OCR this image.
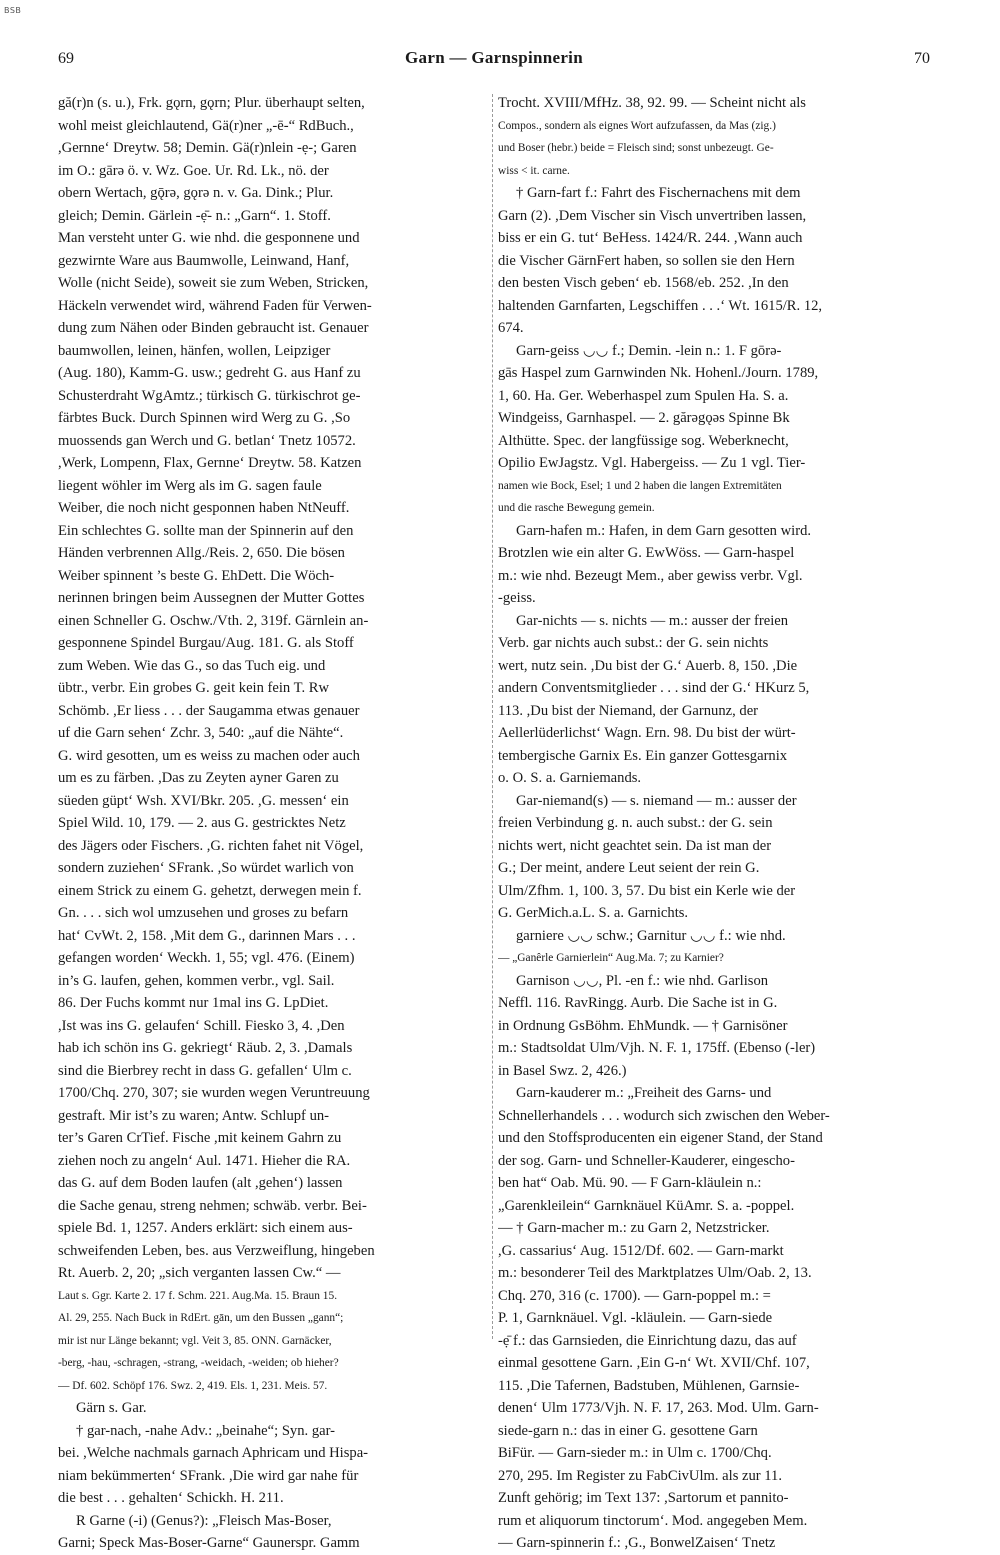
BSB
69	Garn — Garnspinnerin	70
gă(r)n (s. u.), Frk. gǫrn, gǫrn; Plur. überhaupt selten,
wohl meist gleichlautend, Gä(r)ner „-ē-“ RdBuch.,
,Gernne‘ Dreytw. 58; Demin. Gä(r)nlein -ẹ-; Garen
im O.: gārə ö. v. Wz. Goe. Ur. Rd. Lk., nö. der
obern Wertach, gǭrə, gǫrə n. v. Ga. Dink.; Plur.
gleich; Demin. Gärlein -ẹ̄- n.: „Garn“. 1. Stoff.
Man versteht unter G. wie nhd. die gesponnene und
gezwirnte Ware aus Baumwolle, Leinwand, Hanf,
Wolle (nicht Seide), soweit sie zum Weben, Stricken,
Häckeln verwendet wird, während Faden für Verwen-
dung zum Nähen oder Binden gebraucht ist. Genauer
baumwollen, leinen, hänfen, wollen, Leipziger
(Aug. 180), Kamm-G. usw.; gedreht G. aus Hanf zu
Schusterdraht WgAmtz.; türkisch G. türkischrot ge-
färbtes Buck. Durch Spinnen wird Werg zu G. ,So
muossends gan Werch und G. betlan‘ Tnetz 10572.
,Werk, Lompenn, Flax, Gernne‘ Dreytw. 58. Katzen
liegent wöhler im Werg als im G. sagen faule
Weiber, die noch nicht gesponnen haben NtNeuff.
Ein schlechtes G. sollte man der Spinnerin auf den
Händen verbrennen Allg./Reis. 2, 650. Die bösen
Weiber spinnent ’s beste G. EhDett. Die Wöch-
nerinnen bringen beim Aussegnen der Mutter Gottes
einen Schneller G. Oschw./Vth. 2, 319f. Gärnlein an-
gesponnene Spindel Burgau/Aug. 181. G. als Stoff
zum Weben. Wie das G., so das Tuch eig. und
übtr., verbr. Ein grobes G. geit kein fein T. Rw
Schömb. ,Er liess . . . der Saugamma etwas genauer
uf die Garn sehen‘ Zchr. 3, 540: „auf die Nähte“.
G. wird gesotten, um es weiss zu machen oder auch
um es zu färben. ,Das zu Zeyten ayner Garen zu
süeden güpt‘ Wsh. XVI/Bkr. 205. ,G. messen‘ ein
Spiel Wild. 10, 179. — 2. aus G. gestricktes Netz
des Jägers oder Fischers. ,G. richten fahet nit Vögel,
sondern zuziehen‘ SFrank. ,So würdet warlich von
einem Strick zu einem G. gehetzt, derwegen mein f.
Gn. . . . sich wol umzusehen und groses zu befarn
hat‘ CvWt. 2, 158. ,Mit dem G., darinnen Mars . . .
gefangen worden‘ Weckh. 1, 55; vgl. 476. (Einem)
in’s G. laufen, gehen, kommen verbr., vgl. Sail.
86. Der Fuchs kommt nur 1mal ins G. LpDiet.
,Ist was ins G. gelaufen‘ Schill. Fiesko 3, 4. ,Den
hab ich schön ins G. gekriegt‘ Räub. 2, 3. ,Damals
sind die Bierbrey recht in dass G. gefallen‘ Ulm c.
1700/Chq. 270, 307; sie wurden wegen Veruntreuung
gestraft. Mir ist’s zu waren; Antw. Schlupf un-
ter’s Garen CrTief. Fische ,mit keinem Gahrn zu
ziehen noch zu angeln‘ Aul. 1471. Hieher die RA.
das G. auf dem Boden laufen (alt ,gehen‘) lassen
die Sache genau, streng nehmen; schwäb. verbr. Bei-
spiele Bd. 1, 1257. Anders erklärt: sich einem aus-
schweifenden Leben, bes. aus Verzweiflung, hingeben
Rt. Auerb. 2, 20; „sich verganten lassen Cw.“ —
Laut s. Ggr. Karte 2. 17 f. Schm. 221. Aug.Ma. 15. Braun 15.
Al. 29, 255. Nach Buck in RdErt. gān, um den Bussen „gann“;
mir ist nur Länge bekannt; vgl. Veit 3, 85. ONN. Garnäcker,
-berg, -hau, -schragen, -strang, -weidach, -weiden; ob hieher?
— Df. 602. Schöpf 176. Swz. 2, 419. Els. 1, 231. Meis. 57.
Gärn s. Gar.
† gar-nach, -nahe Adv.: „beinahe“; Syn. gar-
bei. ,Welche nachmals garnach Aphricam und Hispa-
niam bekümmerten‘ SFrank. ,Die wird gar nahe für
die best . . . gehalten‘ Schickh. H. 211.
R Garne (-i) (Genus?): „Fleisch Mas-Boser,
Garni; Speck Mas-Boser-Garne“ Gaunerspr. Gamm
Trocht. XVIII/MfHz. 38, 92. 99. — Scheint nicht als
Compos., sondern als eignes Wort aufzufassen, da Mas (zig.)
und Boser (hebr.) beide = Fleisch sind; sonst unbezeugt. Ge-
wiss < it. carne.
† Garn-fart f.: Fahrt des Fischernachens mit dem
Garn (2). ,Dem Vischer sin Visch unvertriben lassen,
biss er ein G. tut‘ BeHess. 1424/R. 244. ,Wann auch
die Vischer GärnFert haben, so sollen sie den Hern
den besten Visch geben‘ eb. 1568/eb. 252. ,In den
haltenden Garnfarten, Legschiffen . . .‘ Wt. 1615/R. 12,
674.
Garn-geiss ◡◡ f.; Demin. -lein n.: 1. F gōrə-
gās Haspel zum Garnwinden Nk. Hohenl./Journ. 1789,
1, 60. Ha. Ger. Weberhaspel zum Spulen Ha. S. a.
Windgeiss, Garnhaspel. — 2. gărəgǫəs Spinne Bk
Althütte. Spec. der langfüssige sog. Weberknecht,
Opilio EwJagstz. Vgl. Habergeiss. — Zu 1 vgl. Tier-
namen wie Bock, Esel; 1 und 2 haben die langen Extremitäten
und die rasche Bewegung gemein.
Garn-hafen m.: Hafen, in dem Garn gesotten wird.
Brotzlen wie ein alter G. EwWöss. — Garn-haspel
m.: wie nhd. Bezeugt Mem., aber gewiss verbr. Vgl.
-geiss.
Gar-nichts — s. nichts — m.: ausser der freien
Verb. gar nichts auch subst.: der G. sein nichts
wert, nutz sein. ,Du bist der G.‘ Auerb. 8, 150. ,Die
andern Conventsmitglieder . . . sind der G.‘ HKurz 5,
113. ,Du bist der Niemand, der Garnunz, der
Aellerlüderlichst‘ Wagn. Ern. 98. Du bist der würt-
tembergische Garnix Es. Ein ganzer Gottesgarnix
o. O. S. a. Garniemands.
Gar-niemand(s) — s. niemand — m.: ausser der
freien Verbindung g. n. auch subst.: der G. sein
nichts wert, nicht geachtet sein. Da ist man der
G.; Der meint, andere Leut seient der rein G.
Ulm/Zfhm. 1, 100. 3, 57. Du bist ein Kerle wie der
G. GerMich.a.L. S. a. Garnichts.
garniere ◡◡ schw.; Garnitur ◡◡ f.: wie nhd.
— „Ganêrle Garnierlein“ Aug.Ma. 7; zu Karnier?
Garnison ◡◡, Pl. -en f.: wie nhd. Garlison
Neffl. 116. RavRingg. Aurb. Die Sache ist in G.
in Ordnung GsBöhm. EhMundk. — † Garnisöner
m.: Stadtsoldat Ulm/Vjh. N. F. 1, 175ff. (Ebenso (-ler)
in Basel Swz. 2, 426.)
Garn-kauderer m.: „Freiheit des Garns- und
Schnellerhandels . . . wodurch sich zwischen den Weber-
und den Stoffsproducenten ein eigener Stand, der Stand
der sog. Garn- und Schneller-Kauderer, eingescho-
ben hat“ Oab. Mü. 90. — F Garn-kläulein n.:
„Garenkleilein“ Garnknäuel KüAmr. S. a. -poppel.
— † Garn-macher m.: zu Garn 2, Netzstricker.
,G. cassarius‘ Aug. 1512/Df. 602. — Garn-markt
m.: besonderer Teil des Marktplatzes Ulm/Oab. 2, 13.
Chq. 270, 316 (c. 1700). — Garn-poppel m.: =
P. 1, Garnknäuel. Vgl. -kläulein. — Garn-siede
-ẹ̄ f.: das Garnsieden, die Einrichtung dazu, das auf
einmal gesottene Garn. ,Ein G-n‘ Wt. XVII/Chf. 107,
115. ,Die Tafernen, Badstuben, Mühlenen, Garnsie-
denen‘ Ulm 1773/Vjh. N. F. 17, 263. Mod. Ulm. Garn-
siede-garn n.: das in einer G. gesottene Garn
BiFür. — Garn-sieder m.: in Ulm c. 1700/Chq.
270, 295. Im Register zu FabCivUlm. als zur 11.
Zunft gehörig; im Text 137: ,Sartorum et pannito-
rum et aliquorum tinctorum‘. Mod. angegeben Mem.
— Garn-spinnerin f.: ,G., BonwelZaisen‘ Tnetz
